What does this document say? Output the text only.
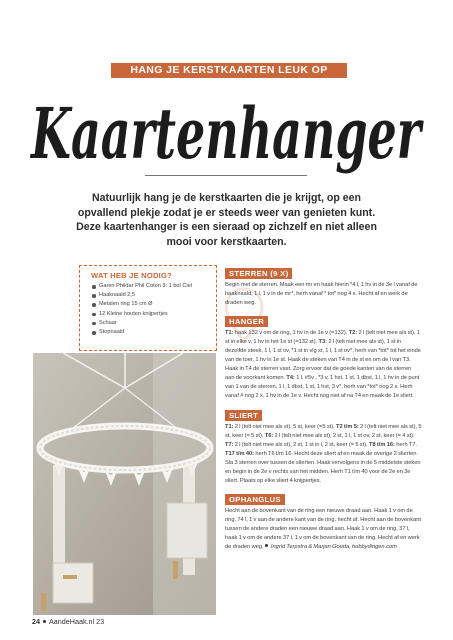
HANG JE KERSTKAARTEN LEUK OP
Kaartenhanger
Natuurlijk hang je de kerstkaarten die je krijgt, op een opvallend plekje zodat je er steeds weer van genieten kunt. Deze kaartenhanger is een sieraad op zichzelf en niet alleen mooi voor kerstkaarten.
WAT HEB JE NODIG?
Garen Phildar Phil Coton 3: 1 bol Ciel
Haaknaald 2,5
Metalen ring 15 cm Ø
12 Kleine houten knijpertjes
Schaar
Stopnaald
STERREN (9 X)

Begin met de sterren. Maak een mr en haak hierin *4 l, 1 hv in de 3e l vanaf de haaknaald, 1 l, 1 v in de mr*, herh vanaf * tot* nog 4 x. Hecht af en werk de draden weg.

HANGER

T1: haak 132 v om de ring, 1 hv in de 1e v (=132). T2: 2 l (telt niet mee als st), 1 st in elke v, 1 hv in het 1e st (=132 st). T3: 2 l (telt niet mee als st), 1 st in dezelfde steek, 1 l, 1 st ov, *1 st in vlg st, 1 l, 1 st ov*, herh van *tot* tot het einde van de toer, 1 hv in 1e st. Haak de steken van T4 in de st en om de l van T3. Haak in T4 de sterren vast. Zorg ervoor dat de goede kanten van de sterren aan de voorkant komen. T4: 1 l, #5v , *3 v, 1 hst, 1 st, 1 dbst, 1 l, 1 hv in de punt van 1 van de sterren, 1 l, 1 dbst, 1 st, 1 hst, 3 v*, herh van *tot* nog 2 x. Herh vanaf # nog 2 x, 1 hv in de 1e v. Hecht nog niet af na T4 en maak de 1e sliert.

SLIERT

T1: 2 l (telt niet mee als st), 5 st, keer (=5 st). T2 t/m 5: 2 l (telt niet mee als st), 5 st, keer (= 5 st). T6: 2 l (telt niet mee als st), 2 st, 1 l, 1 st ov, 2 st, keer (= 4 st). T7: 2 l (telt niet mee als st), 2 st, 1 st in l, 2 st, keer (= 5 st). T8 t/m 16: herh T7. T17 t/m 40: herh T6 t/m 16. Hecht deze sliert af en maak de overige 2 slierten. Sla 3 sterren over tussen de slierten. Haak vervolgens in de 5 middelste steken en begin in de 2e v rechts van het midden. Herh T1 t/m 40 voor de 2e en 3e sliert. Plaats op elke sliert 4 knijpertjes.

OPHANGLUS

Hecht aan de bovenkant van de ring een nieuwe draad aan. Haak 1 v om de ring, 74 l, 1 v aan de andere kant van de ring, hecht af. Hecht aan de bovenkant tussen de andere draden een nieuwe draad aan. Haak 1 v om de ring, 37 l, haak 1 v om de andere 37 l, 1 v om de bovenkant van de ring. Hecht af en werk de draden weg. Ingrid Terpstra & Marjan Gouda, hobbydingen.com

24 AandeHaak.nl 23
